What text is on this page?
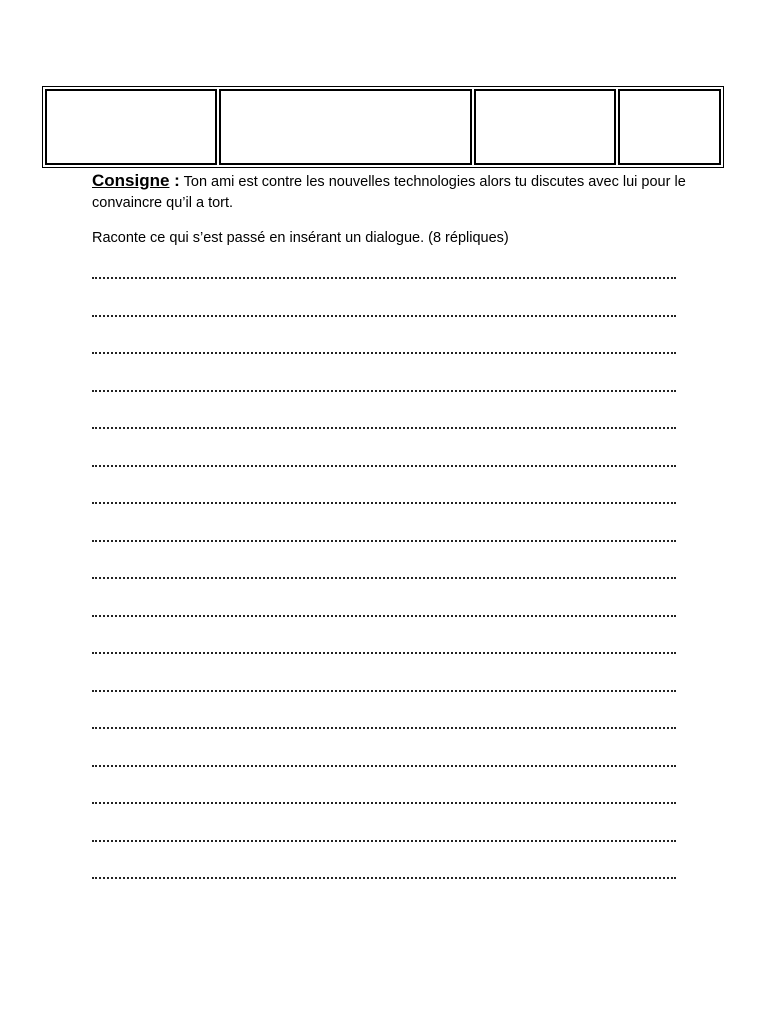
Consigne : Ton ami est contre les nouvelles technologies alors tu discutes avec lui pour le convaincre qu’il a tort.
Raconte ce qui s’est passé en insérant un dialogue. (8 répliques)
